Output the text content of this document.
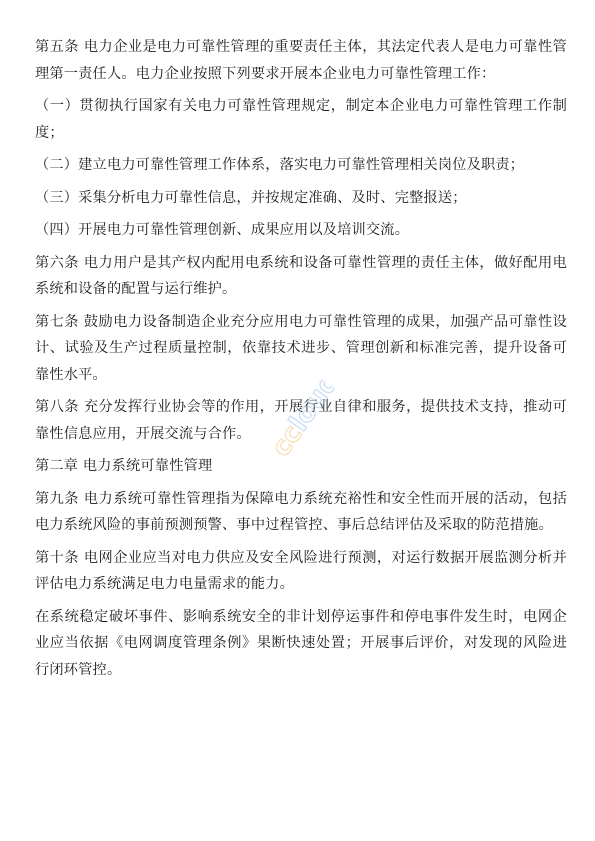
第五条 电力企业是电力可靠性管理的重要责任主体，其法定代表人是电力可靠性管理第一责任人。电力企业按照下列要求开展本企业电力可靠性管理工作：

（一）贯彻执行国家有关电力可靠性管理规定，制定本企业电力可靠性管理工作制度；

（二）建立电力可靠性管理工作体系，落实电力可靠性管理相关岗位及职责；

（三）采集分析电力可靠性信息，并按规定准确、及时、完整报送；

（四）开展电力可靠性管理创新、成果应用以及培训交流。

第六条 电力用户是其产权内配用电系统和设备可靠性管理的责任主体，做好配用电系统和设备的配置与运行维护。

第七条 鼓励电力设备制造企业充分应用电力可靠性管理的成果，加强产品可靠性设计、试验及生产过程质量控制，依靠技术进步、管理创新和标准完善，提升设备可靠性水平。

第八条 充分发挥行业协会等的作用，开展行业自律和服务，提供技术支持，推动可靠性信息应用，开展交流与合作。

第二章 电力系统可靠性管理

第九条 电力系统可靠性管理指为保障电力系统充裕性和安全性而开展的活动，包括电力系统风险的事前预测预警、事中过程管控、事后总结评估及采取的防范措施。

第十条 电网企业应当对电力供应及安全风险进行预测，对运行数据开展监测分析并评估电力系统满足电力电量需求的能力。

在系统稳定破坏事件、影响系统安全的非计划停运事件和停电事件发生时，电网企业应当依据《电网调度管理条例》果断快速处置；开展事后评价，对发现的风险进行闭环管控。

ccloud
